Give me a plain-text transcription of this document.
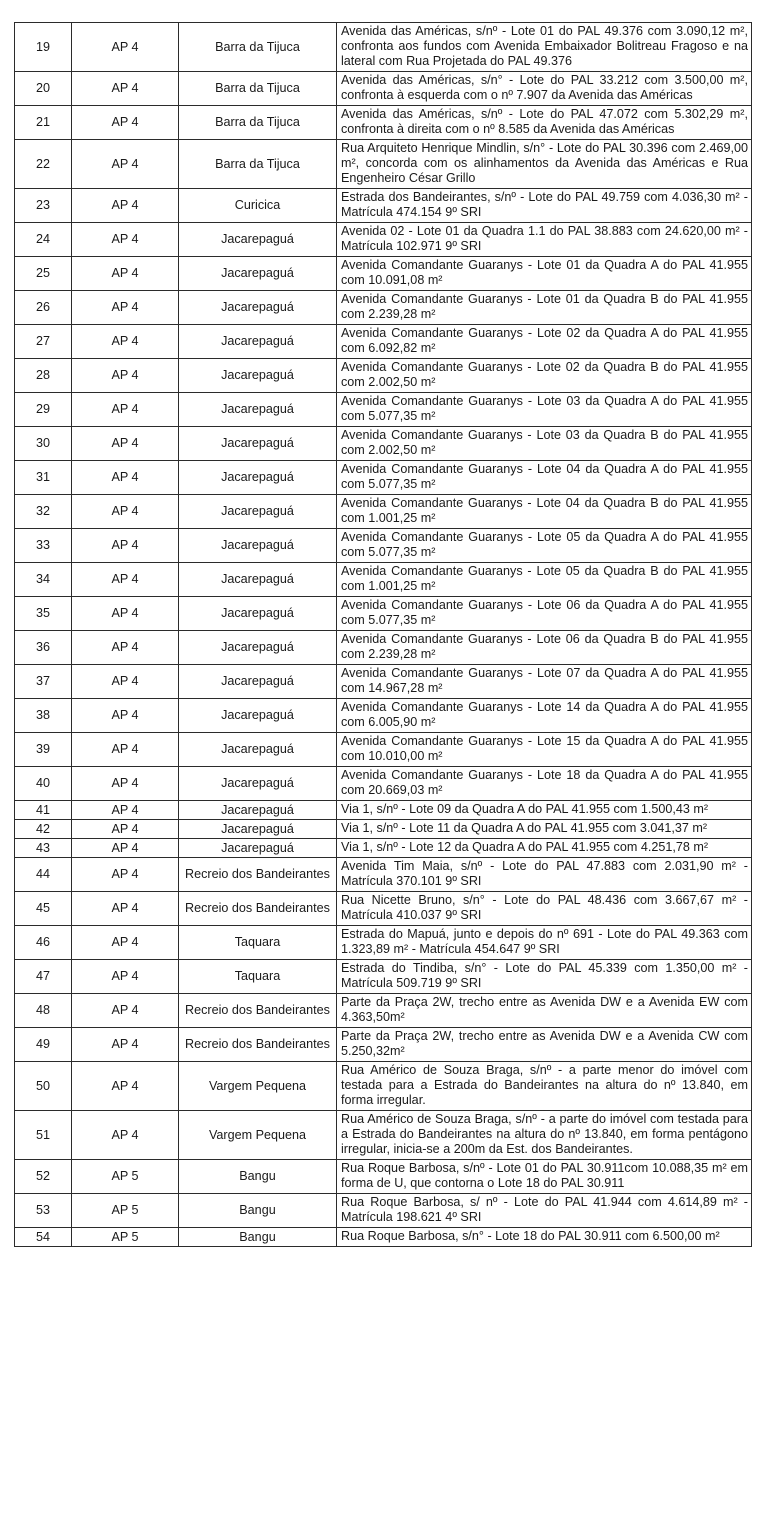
19	AP 4	Barra da Tijuca	Avenida das Américas, s/nº - Lote 01 do PAL 49.376 com 3.090,12 m², confronta aos fundos com Avenida Embaixador Bolitreau Fragoso e na lateral com Rua Projetada do PAL 49.376
20	AP 4	Barra da Tijuca	Avenida das Américas, s/n° - Lote do PAL 33.212 com 3.500,00 m², confronta à esquerda com o nº 7.907 da Avenida das Américas
21	AP 4	Barra da Tijuca	Avenida das Américas, s/nº - Lote do PAL 47.072 com 5.302,29 m², confronta à direita com o nº 8.585 da Avenida das Américas
22	AP 4	Barra da Tijuca	Rua Arquiteto Henrique Mindlin, s/n° - Lote do PAL 30.396 com 2.469,00 m², concorda com os alinhamentos da Avenida das Américas e Rua Engenheiro César Grillo
23	AP 4	Curicica	Estrada dos Bandeirantes, s/nº - Lote do PAL 49.759 com 4.036,30 m² - Matrícula 474.154 9º SRI
24	AP 4	Jacarepaguá	Avenida 02 - Lote 01 da Quadra 1.1 do PAL 38.883 com 24.620,00 m² - Matrícula 102.971 9º SRI
25	AP 4	Jacarepaguá	Avenida Comandante Guaranys - Lote 01 da Quadra A do PAL 41.955 com 10.091,08 m²
26	AP 4	Jacarepaguá	Avenida Comandante Guaranys - Lote 01 da Quadra B do PAL 41.955 com 2.239,28 m²
27	AP 4	Jacarepaguá	Avenida Comandante Guaranys - Lote 02 da Quadra A do PAL 41.955 com 6.092,82 m²
28	AP 4	Jacarepaguá	Avenida Comandante Guaranys - Lote 02 da Quadra B do PAL 41.955 com 2.002,50 m²
29	AP 4	Jacarepaguá	Avenida Comandante Guaranys - Lote 03 da Quadra A do PAL 41.955 com 5.077,35 m²
30	AP 4	Jacarepaguá	Avenida Comandante Guaranys - Lote 03 da Quadra B do PAL 41.955 com 2.002,50 m²
31	AP 4	Jacarepaguá	Avenida Comandante Guaranys - Lote 04 da Quadra A do PAL 41.955 com 5.077,35 m²
32	AP 4	Jacarepaguá	Avenida Comandante Guaranys - Lote 04 da Quadra B do PAL 41.955 com 1.001,25 m²
33	AP 4	Jacarepaguá	Avenida Comandante Guaranys - Lote 05 da Quadra A do PAL 41.955 com 5.077,35 m²
34	AP 4	Jacarepaguá	Avenida Comandante Guaranys - Lote 05 da Quadra B do PAL 41.955 com 1.001,25 m²
35	AP 4	Jacarepaguá	Avenida Comandante Guaranys - Lote 06 da Quadra A do PAL 41.955 com 5.077,35 m²
36	AP 4	Jacarepaguá	Avenida Comandante Guaranys - Lote 06 da Quadra B do PAL 41.955 com 2.239,28 m²
37	AP 4	Jacarepaguá	Avenida Comandante Guaranys - Lote 07 da Quadra A do PAL 41.955 com 14.967,28 m²
38	AP 4	Jacarepaguá	Avenida Comandante Guaranys - Lote 14 da Quadra A do PAL 41.955 com 6.005,90 m²
39	AP 4	Jacarepaguá	Avenida Comandante Guaranys - Lote 15 da Quadra A do PAL 41.955 com 10.010,00 m²
40	AP 4	Jacarepaguá	Avenida Comandante Guaranys - Lote 18 da Quadra A do PAL 41.955 com 20.669,03 m²
41	AP 4	Jacarepaguá	Via 1, s/nº - Lote 09 da Quadra A do PAL 41.955 com 1.500,43 m²
42	AP 4	Jacarepaguá	Via 1, s/nº - Lote 11 da Quadra A do PAL 41.955 com 3.041,37 m²
43	AP 4	Jacarepaguá	Via 1, s/nº - Lote 12 da Quadra A do PAL 41.955 com 4.251,78 m²
44	AP 4	Recreio dos Bandeirantes	Avenida Tim Maia, s/nº - Lote do PAL 47.883 com 2.031,90 m² - Matrícula 370.101 9º SRI
45	AP 4	Recreio dos Bandeirantes	Rua Nicette Bruno, s/n° - Lote do PAL 48.436 com 3.667,67 m² - Matrícula 410.037 9º SRI
46	AP 4	Taquara	Estrada do Mapuá, junto e depois do nº 691 - Lote do PAL 49.363 com 1.323,89 m² - Matrícula 454.647 9º SRI
47	AP 4	Taquara	Estrada do Tindiba, s/n° - Lote do PAL 45.339 com 1.350,00 m² - Matrícula 509.719 9º SRI
48	AP 4	Recreio dos Bandeirantes	Parte da Praça 2W, trecho entre as Avenida DW e a Avenida EW com 4.363,50m²
49	AP 4	Recreio dos Bandeirantes	Parte da Praça 2W, trecho entre as Avenida DW e a Avenida CW com 5.250,32m²
50	AP 4	Vargem Pequena	Rua Américo de Souza Braga, s/nº - a parte menor do imóvel com testada para a Estrada do Bandeirantes na altura do nº 13.840, em forma irregular.
51	AP 4	Vargem Pequena	Rua Américo de Souza Braga, s/nº - a parte do imóvel com testada para a Estrada do Bandeirantes na altura do nº 13.840, em forma pentágono irregular, inicia-se a 200m da Est. dos Bandeirantes.
52	AP 5	Bangu	Rua Roque Barbosa, s/nº - Lote 01 do PAL 30.911com 10.088,35 m² em forma de U, que contorna o Lote 18 do PAL 30.911
53	AP 5	Bangu	Rua Roque Barbosa, s/ nº - Lote do PAL 41.944 com 4.614,89 m² - Matrícula 198.621 4º SRI
54	AP 5	Bangu	Rua Roque Barbosa, s/n° - Lote 18 do PAL 30.911 com 6.500,00 m²
